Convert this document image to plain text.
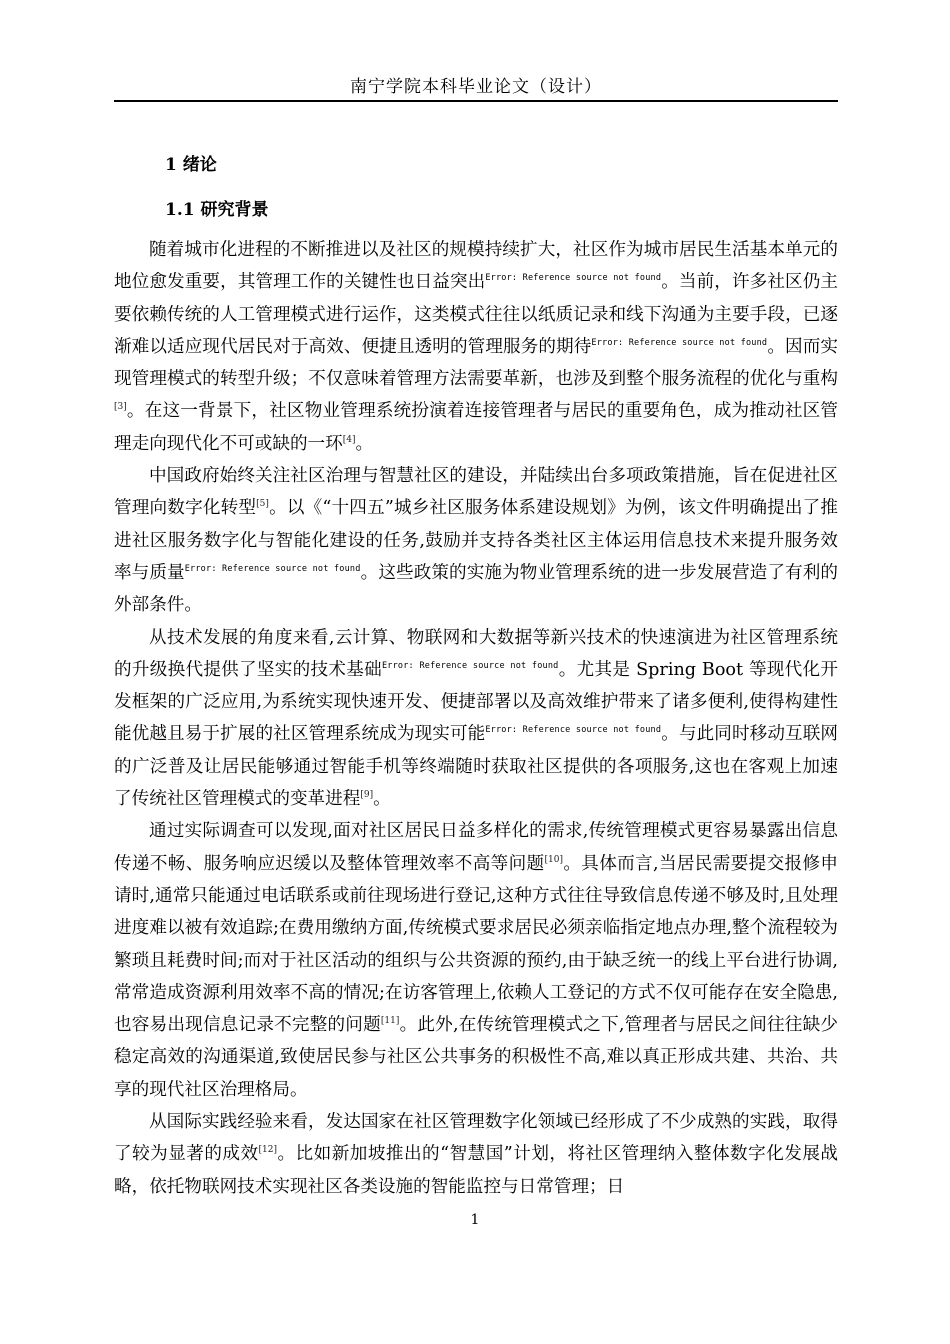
南宁学院本科毕业论文（设计）
1 绪论
1.1 研究背景

随着城市化进程的不断推进以及社区的规模持续扩大，社区作为城市居民生活基本单元的地位愈发重要，其管理工作的关键性也日益突出$^{Error: Reference source not found}$。当前，许多社区仍主要依赖传统的人工管理模式进行运作，这类模式往往以纸质记录和线下沟通为主要手段，已逐渐难以适应现代居民对于高效、便捷且透明的管理服务的期待$^{Error: Reference source not found}$。因而实现管理模式的转型升级；不仅意味着管理方法需要革新，也涉及到整个服务流程的优化与重构[3]。在这一背景下，社区物业管理系统扮演着连接管理者与居民的重要角色，成为推动社区管理走向现代化不可或缺的一环[4]。

中国政府始终关注社区治理与智慧社区的建设，并陆续出台多项政策措施，旨在促进社区管理向数字化转型[5]。以《“十四五”城乡社区服务体系建设规划》为例，该文件明确提出了推进社区服务数字化与智能化建设的任务,鼓励并支持各类社区主体运用信息技术来提升服务效率与质量$^{Error: Reference source not found}$。这些政策的实施为物业管理系统的进一步发展营造了有利的外部条件。

从技术发展的角度来看,云计算、物联网和大数据等新兴技术的快速演进为社区管理系统的升级换代提供了坚实的技术基础$^{Error: Reference source not found}$。尤其是 Spring Boot 等现代化开发框架的广泛应用,为系统实现快速开发、便捷部署以及高效维护带来了诸多便利,使得构建性能优越且易于扩展的社区管理系统成为现实可能$^{Error: Reference source not found}$。与此同时移动互联网的广泛普及让居民能够通过智能手机等终端随时获取社区提供的各项服务,这也在客观上加速了传统社区管理模式的变革进程[9]。

通过实际调查可以发现,面对社区居民日益多样化的需求,传统管理模式更容易暴露出信息传递不畅、服务响应迟缓以及整体管理效率不高等问题[10]。具体而言,当居民需要提交报修申请时,通常只能通过电话联系或前往现场进行登记,这种方式往往导致信息传递不够及时,且处理进度难以被有效追踪;在费用缴纳方面,传统模式要求居民必须亲临指定地点办理,整个流程较为繁琐且耗费时间;而对于社区活动的组织与公共资源的预约,由于缺乏统一的线上平台进行协调,常常造成资源利用效率不高的情况;在访客管理上,依赖人工登记的方式不仅可能存在安全隐患,也容易出现信息记录不完整的问题[11]。此外,在传统管理模式之下,管理者与居民之间往往缺少稳定高效的沟通渠道,致使居民参与社区公共事务的积极性不高,难以真正形成共建、共治、共享的现代社区治理格局。

从国际实践经验来看，发达国家在社区管理数字化领域已经形成了不少成熟的实践，取得了较为显著的成效[12]。比如新加坡推出的“智慧国”计划，将社区管理纳入整体数字化发展战略，依托物联网技术实现社区各类设施的智能监控与日常管理；日

1
